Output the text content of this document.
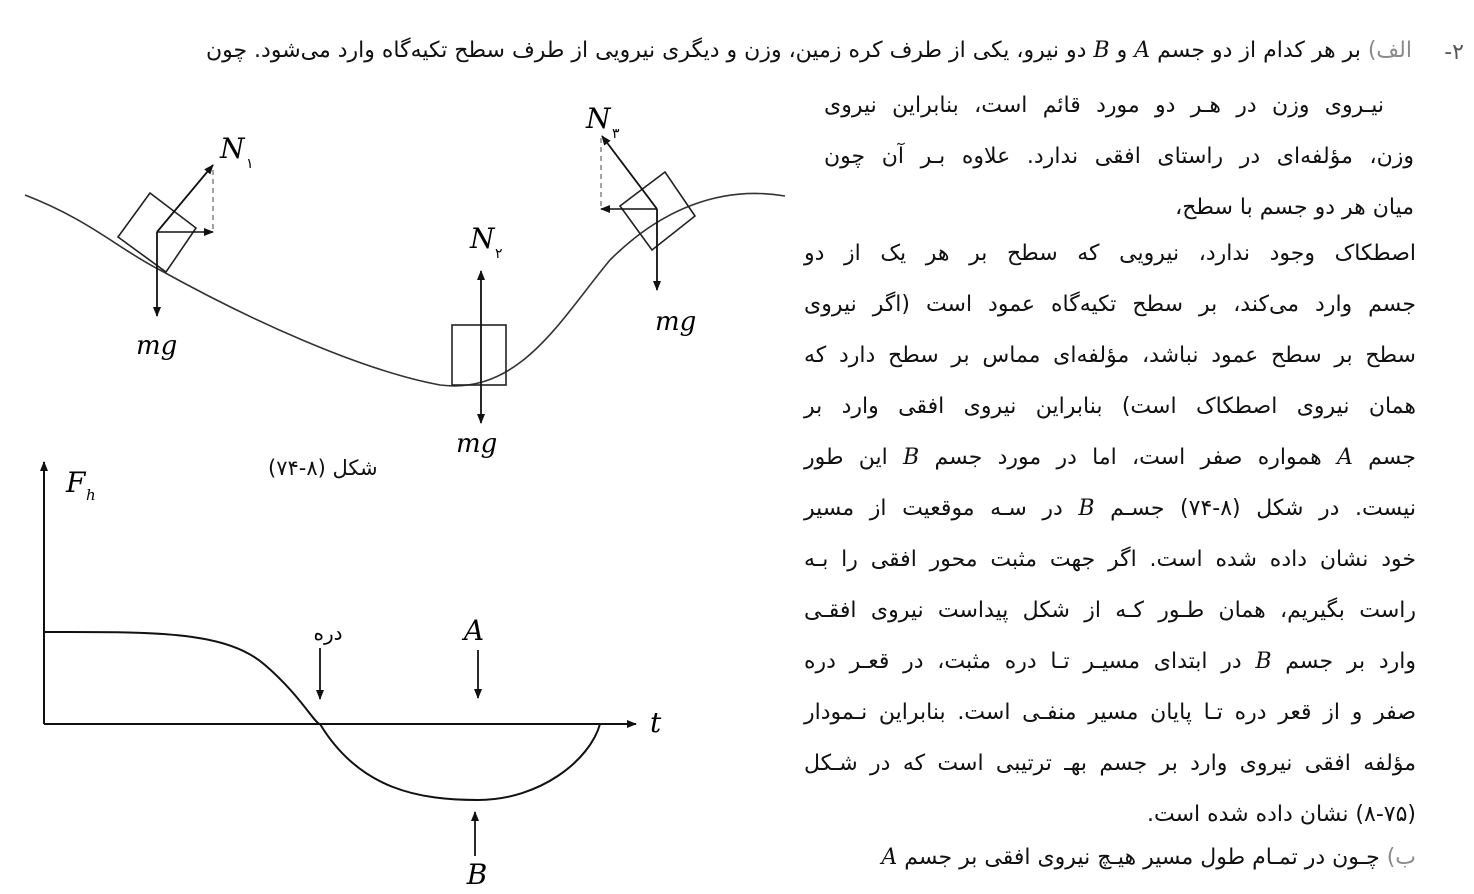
۲-
الف) بر هر کدام از دو جسم A و B دو نیرو، یکی از طرف کره زمین، وزن و دیگری نیرویی از طرف سطح تکیه‌گاه وارد می‌شود. چون
نیـروی وزن در هـر دو مورد قائم است، بنابراین نیروی
وزن، مؤلفه‌ای در راستای افقی ندارد. علاوه بـر آن چون
میان هر دو جسم با سطح،
اصطکاک وجود ندارد، نیرویی که سطح بر هر یک از دو
جسم وارد می‌کند، بر سطح تکیه‌گاه عمود است (اگر نیروی
سطح بر سطح عمود نباشد، مؤلفه‌ای مماس بر سطح دارد که
همان نیروی اصطکاک است) بنابراین نیروی افقی وارد بر
جسم A همواره صفر است، اما در مورد جسم B این طور
نیست. در شکل (۸-۷۴) جسـم B در سـه موقعیت از مسیر
خود نشان داده شده است. اگر جهت مثبت محور افقی را بـه
راست بگیریم، همان طـور کـه از شکل پیداست نیروی افقـی
وارد بر جسم B در ابتدای مسیـر تـا دره مثبت، در قعـر دره
صفر و از قعر دره تـا پایان مسیر منفـی است. بنابراین نـمودار
مؤلفه افقی نیروی وارد بر جسم بهـ ترتیبی است که در شـکل
(۸-۷۵) نشان داده شده است.
ب) چـون در تمـام طول مسیر هیـچ نیروی افقی بر جسم A
N ۱
mg
N ۲
mg
N ۳
mg
F h
t
دره	A
B
شکل (۸-۷۴)
